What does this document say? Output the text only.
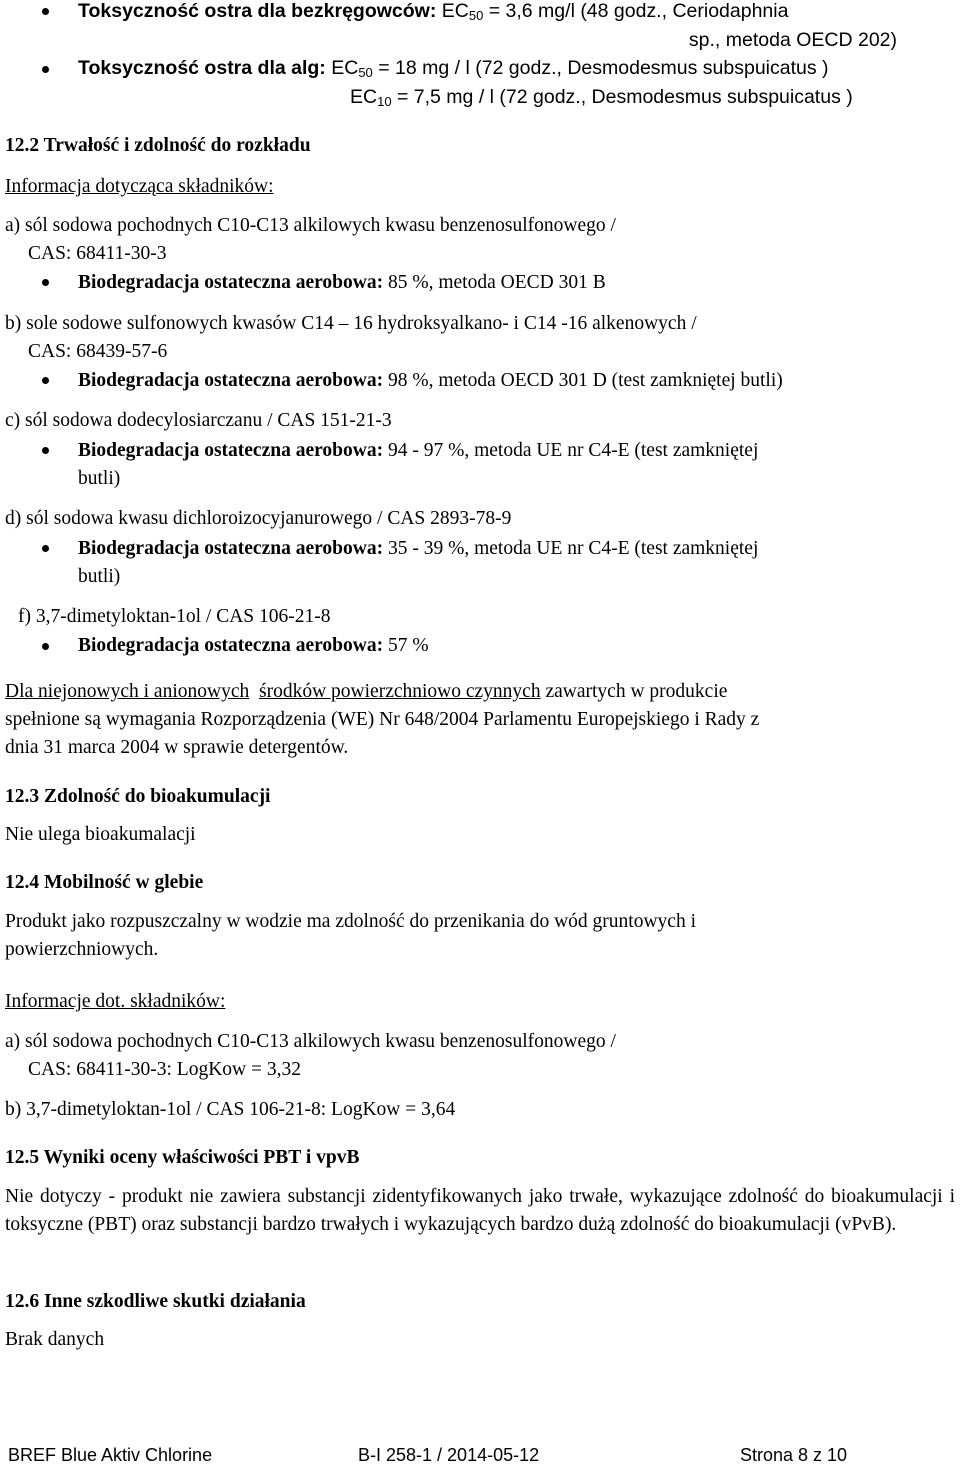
Toksyczność ostra dla bezkręgowców: $EC_{50} = 3,6$ mg/l (48 godz., Ceriodaphnia
sp., metoda OECD 202)
Toksyczność ostra dla alg: $EC_{50} = 18$ mg / l (72 godz., Desmodesmus subspuicatus )
$EC_{10} = 7,5$ mg / l (72 godz., Desmodesmus subspuicatus )
12.2 Trwałość i zdolność do rozkładu
Informacja dotycząca składników:
a) sól sodowa pochodnych C10-C13 alkilowych kwasu benzenosulfonowego /
CAS: 68411-30-3
Biodegradacja ostateczna aerobowa: 85 %, metoda OECD 301 B
b) sole sodowe sulfonowych kwasów C14 – 16 hydroksyalkano- i C14 -16 alkenowych /
CAS: 68439-57-6
Biodegradacja ostateczna aerobowa: 98 %, metoda OECD 301 D (test zamkniętej butli)
c) sól sodowa dodecylosiarczanu / CAS 151-21-3
Biodegradacja ostateczna aerobowa: 94 - 97 %, metoda UE nr C4-E (test zamkniętej
butli)
d) sól sodowa kwasu dichloroizocyjanurowego / CAS 2893-78-9
Biodegradacja ostateczna aerobowa: 35 - 39 %, metoda UE nr C4-E (test zamkniętej
butli)
f) 3,7-dimetyloktan-1ol / CAS 106-21-8
Biodegradacja ostateczna aerobowa: 57 %
Dla niejonowych i anionowych środków powierzchniowo czynnych zawartych w produkcie
spełnione są wymagania Rozporządzenia (WE) Nr 648/2004 Parlamentu Europejskiego i Rady z
dnia 31 marca 2004 w sprawie detergentów.
12.3 Zdolność do bioakumulacji
Nie ulega bioakumalacji
12.4 Mobilność w glebie
Produkt jako rozpuszczalny w wodzie ma zdolność do przenikania do wód gruntowych i
powierzchniowych.
Informacje dot. składników:
a) sól sodowa pochodnych C10-C13 alkilowych kwasu benzenosulfonowego /
CAS: 68411-30-3: LogKow = 3,32
b) 3,7-dimetyloktan-1ol / CAS 106-21-8: LogKow = 3,64
12.5 Wyniki oceny właściwości PBT i vpvB
Nie dotyczy - produkt nie zawiera substancji zidentyfikowanych jako trwałe, wykazujące zdolność do bioakumulacji i toksyczne (PBT) oraz substancji bardzo trwałych i wykazujących bardzo dużą zdolność do bioakumulacji (vPvB).
12.6 Inne szkodliwe skutki działania
Brak danych
BREF Blue Aktiv Chlorine	B-I 258-1 / 2014-05-12	Strona 8 z 10
